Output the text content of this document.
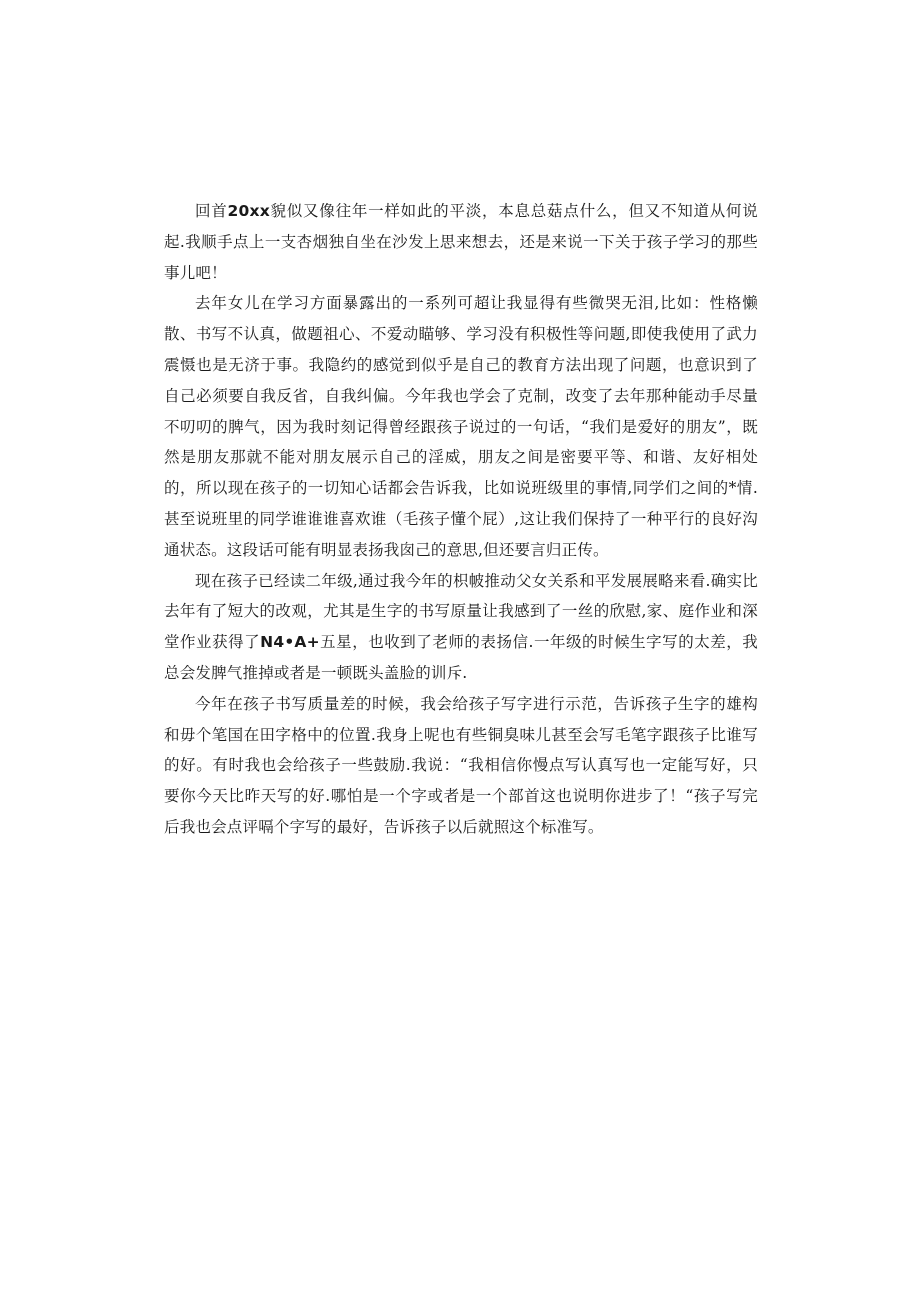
回首20xx貌似又像往年一样如此的平淡，本息总菇点什么，但又不知道从何说起.我顺手点上一支杏烟独自坐在沙发上思来想去，还是来说一下关于孩子学习的那些事儿吧！

去年女儿在学习方面暴露出的一系列可超让我显得有些微哭无泪,比如：性格懒散、书写不认真，做题祖心、不爱动瞄够、学习没有积极性等问题,即使我使用了武力震慑也是无济于事。我隐约的感觉到似乎是自己的教育方法出现了问题，也意识到了自己必须要自我反省，自我纠偏。今年我也学会了克制，改变了去年那种能动手尽量不叨叨的脾气，因为我时刻记得曾经跟孩子说过的一句话，“我们是爱好的朋友”，既然是朋友那就不能对朋友展示自己的淫威，朋友之间是密要平等、和谐、友好相处的，所以现在孩子的一切知心话都会告诉我，比如说班级里的事情,同学们之间的*情.甚至说班里的同学谁谁谁喜欢谁（毛孩子懂个屁）,这让我们保持了一种平行的良好沟通状态。这段话可能有明显表扬我囱己的意思,但还要言归正传。

现在孩子已经读二年级,通过我今年的枳帔推动父女关系和平发展展略来看.确实比去年有了短大的改观，尤其是生字的书写原量让我感到了一丝的欣慰,家、庭作业和深堂作业获得了N4•A+五星，也收到了老师的表扬信.一年级的时候生字写的太差，我总会发脾气推掉或者是一顿既头盖脸的训斥.

今年在孩子书写质量差的时候，我会给孩子写字进行示范，告诉孩子生字的雄构和毋个笔国在田字格中的位置.我身上呢也有些铜臭味儿甚至会写毛笔字跟孩子比谁写的好。有时我也会给孩子一些鼓励.我说：“我相信你慢点写认真写也一定能写好，只要你今天比昨天写的好.哪怕是一个字或者是一个部首这也说明你进步了！“孩子写完后我也会点评嗝个字写的最好，告诉孩子以后就照这个标准写。
